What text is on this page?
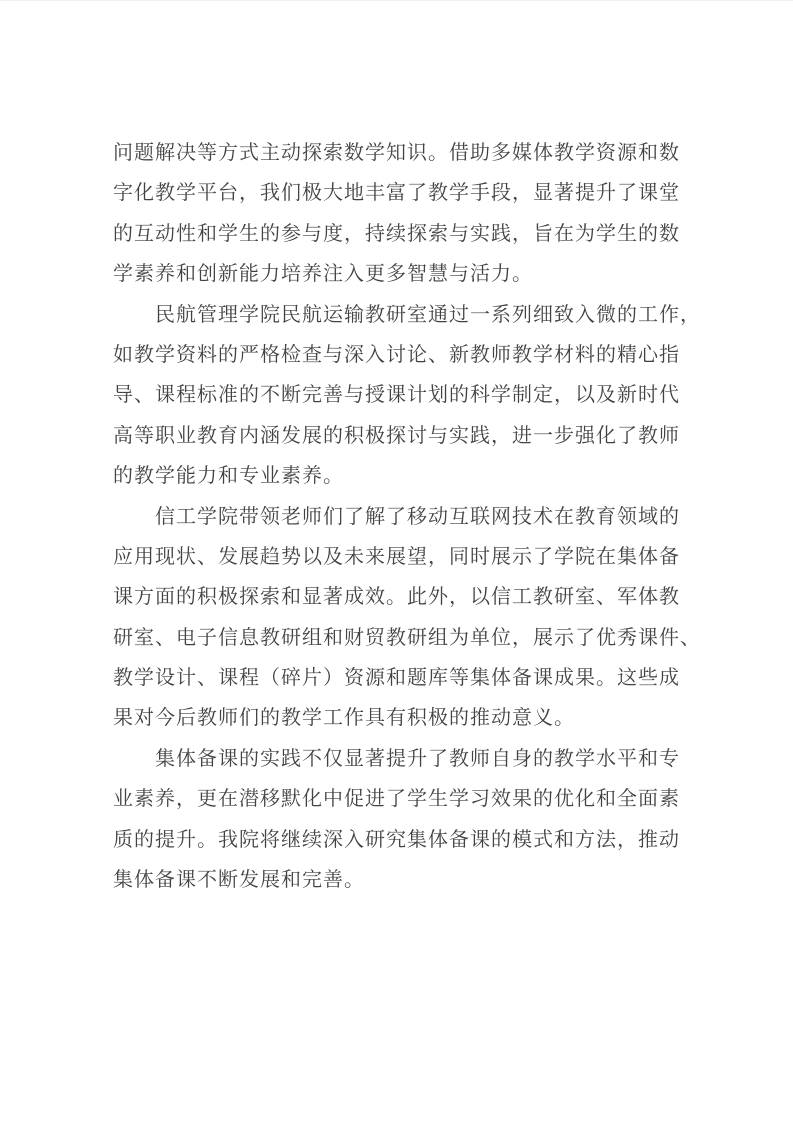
问题解决等方式主动探索数学知识。借助多媒体教学资源和数
字化教学平台，我们极大地丰富了教学手段，显著提升了课堂
的互动性和学生的参与度，持续探索与实践，旨在为学生的数
学素养和创新能力培养注入更多智慧与活力。
民航管理学院民航运输教研室通过一系列细致入微的工作，
如教学资料的严格检查与深入讨论、新教师教学材料的精心指
导、课程标准的不断完善与授课计划的科学制定，以及新时代
高等职业教育内涵发展的积极探讨与实践，进一步强化了教师
的教学能力和专业素养。
信工学院带领老师们了解了移动互联网技术在教育领域的
应用现状、发展趋势以及未来展望，同时展示了学院在集体备
课方面的积极探索和显著成效。此外，以信工教研室、军体教
研室、电子信息教研组和财贸教研组为单位，展示了优秀课件、
教学设计、课程（碎片）资源和题库等集体备课成果。这些成
果对今后教师们的教学工作具有积极的推动意义。
集体备课的实践不仅显著提升了教师自身的教学水平和专
业素养，更在潜移默化中促进了学生学习效果的优化和全面素
质的提升。我院将继续深入研究集体备课的模式和方法，推动
集体备课不断发展和完善。
